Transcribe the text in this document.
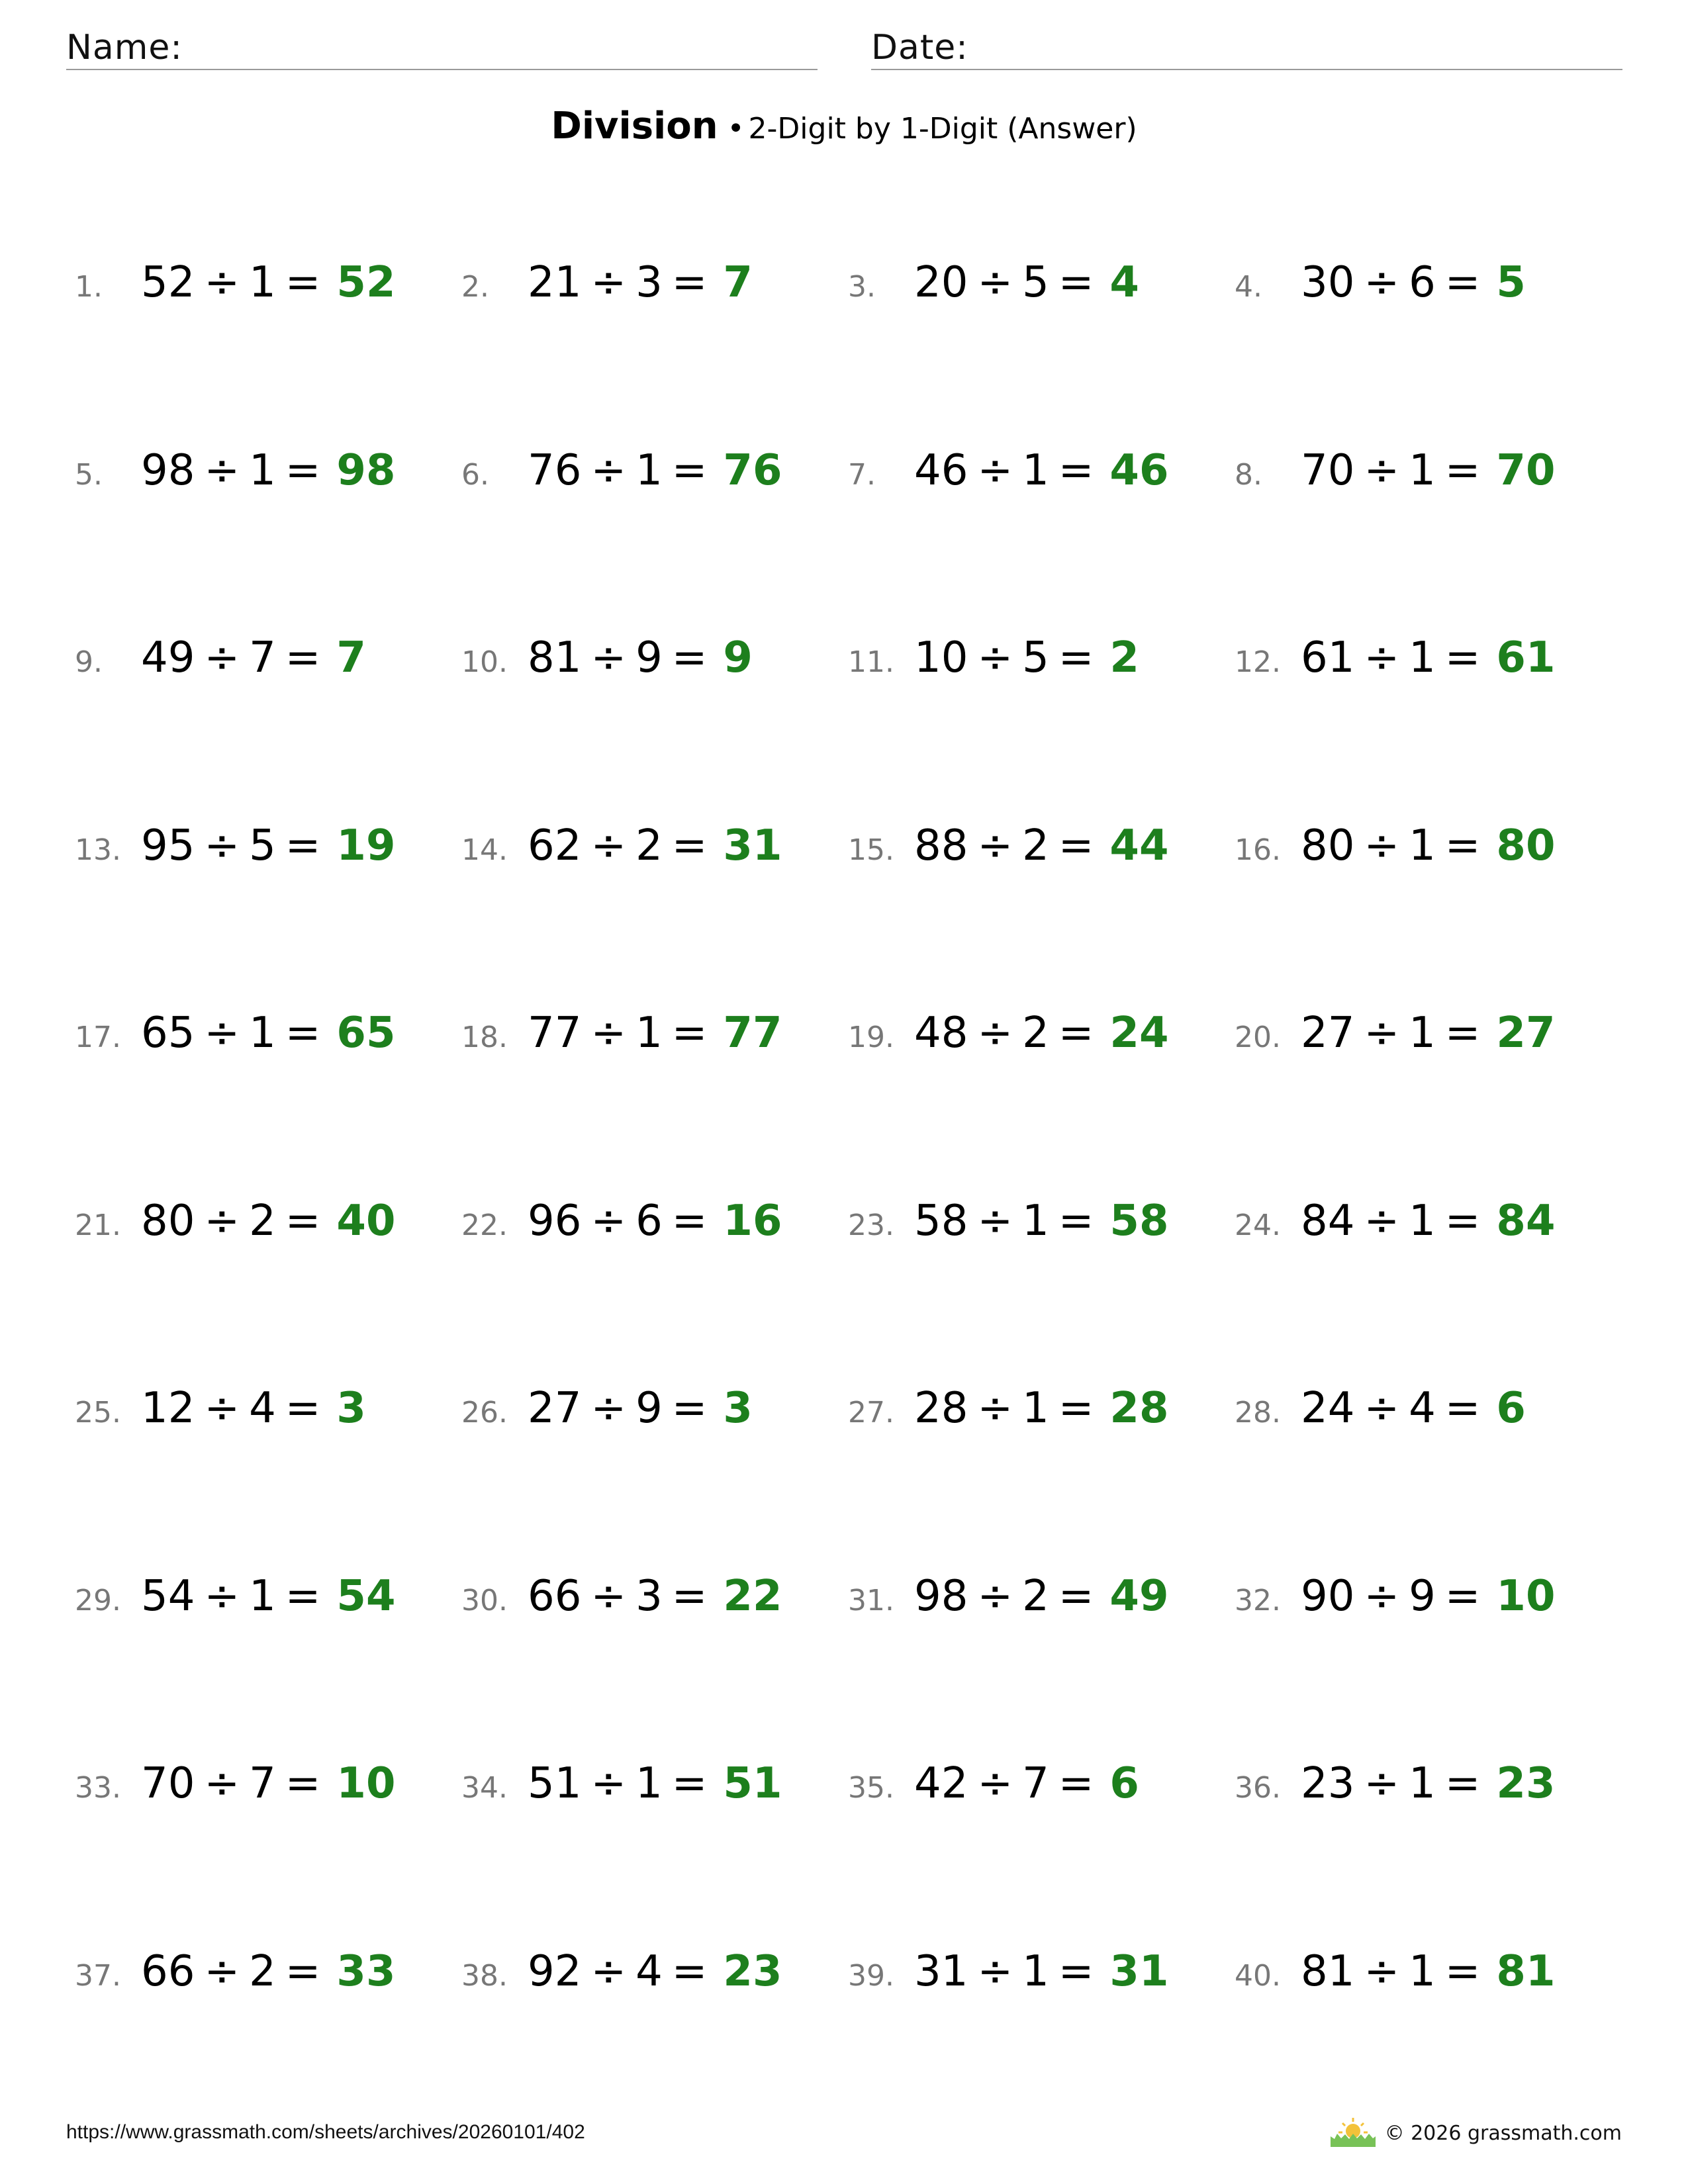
Name:	Date:
Division • 2-Digit by 1-Digit (Answer)
1. 52 ÷ 1 = 52 2. 21 ÷ 3 = 7	3. 20 ÷ 5 = 4	4. 30 ÷ 6 = 5
5. 98 ÷ 1 = 98 6. 76 ÷ 1 = 76 7. 46 ÷ 1 = 46 8. 70 ÷ 1 = 70
9. 49 ÷ 7 = 7	10. 81 ÷ 9 = 9	11. 10 ÷ 5 = 2	12. 61 ÷ 1 = 61
13. 95 ÷ 5 = 19 14. 62 ÷ 2 = 31 15. 88 ÷ 2 = 44 16. 80 ÷ 1 = 80
17. 65 ÷ 1 = 65 18. 77 ÷ 1 = 77 19. 48 ÷ 2 = 24 20. 27 ÷ 1 = 27
21. 80 ÷ 2 = 40 22. 96 ÷ 6 = 16 23. 58 ÷ 1 = 58 24. 84 ÷ 1 = 84
25. 12 ÷ 4 = 3	26. 27 ÷ 9 = 3	27. 28 ÷ 1 = 28 28. 24 ÷ 4 = 6
29. 54 ÷ 1 = 54 30. 66 ÷ 3 = 22 31. 98 ÷ 2 = 49 32. 90 ÷ 9 = 10
33. 70 ÷ 7 = 10 34. 51 ÷ 1 = 51 35. 42 ÷ 7 = 6	36. 23 ÷ 1 = 23
37. 66 ÷ 2 = 33 38. 92 ÷ 4 = 23 39. 31 ÷ 1 = 31 40. 81 ÷ 1 = 81
https://www.grassmath.com/sheets/archives/20260101/402	© 2026 grassmath.com
